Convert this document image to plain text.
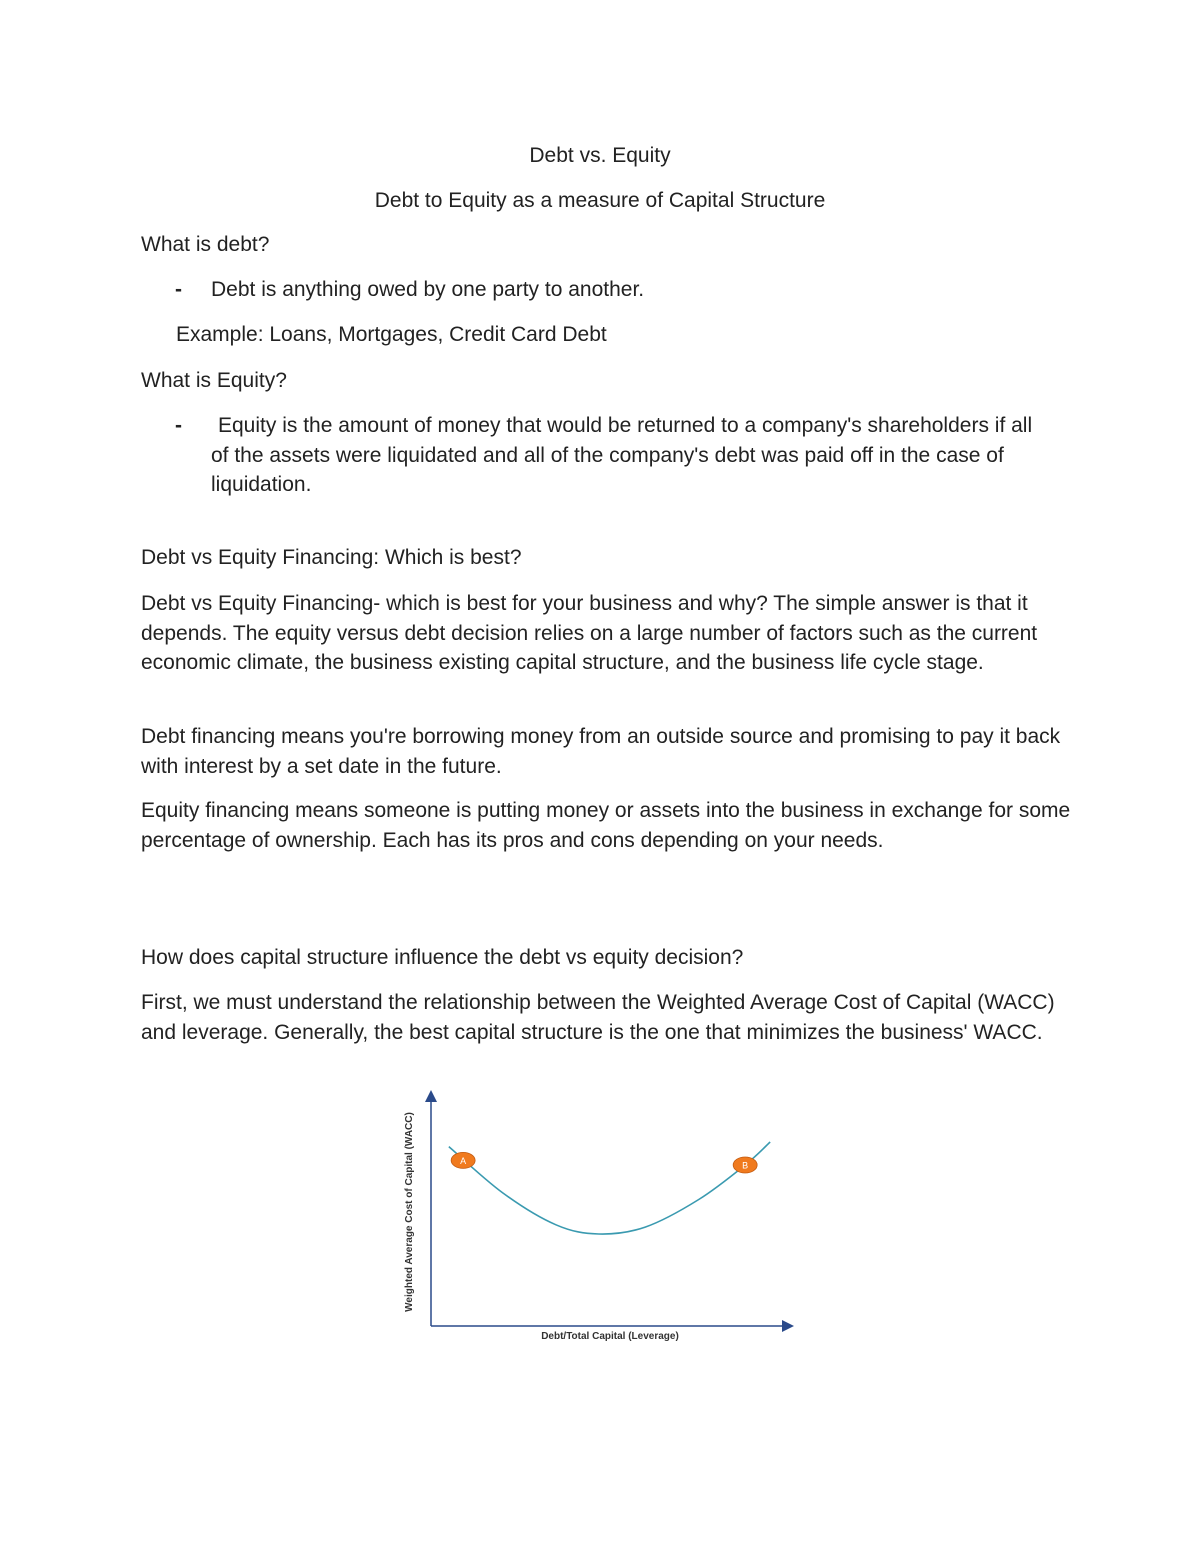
Debt vs. Equity
Debt to Equity as a measure of Capital Structure
What is debt?
- Debt is anything owed by one party to another.
Example: Loans, Mortgages, Credit Card Debt
What is Equity?
-	Equity is the amount of money that would be returned to a company's shareholders if all of the assets were liquidated and all of the company's debt was paid off in the case of liquidation.
Debt vs Equity Financing: Which is best?
Debt vs Equity Financing- which is best for your business and why? The simple answer is that it depends. The equity versus debt decision relies on a large number of factors such as the current economic climate, the business existing capital structure, and the business life cycle stage.
Debt financing means you're borrowing money from an outside source and promising to pay it back with interest by a set date in the future.
Equity financing means someone is putting money or assets into the business in exchange for some percentage of ownership. Each has its pros and cons depending on your needs.
How does capital structure influence the debt vs equity decision?
First, we must understand the relationship between the Weighted Average Cost of Capital (WACC) and leverage. Generally, the best capital structure is the one that minimizes the business' WACC.
Debt/Total Capital (Leverage)
Weighted Average Cost of Capital (WACC)	A	B
